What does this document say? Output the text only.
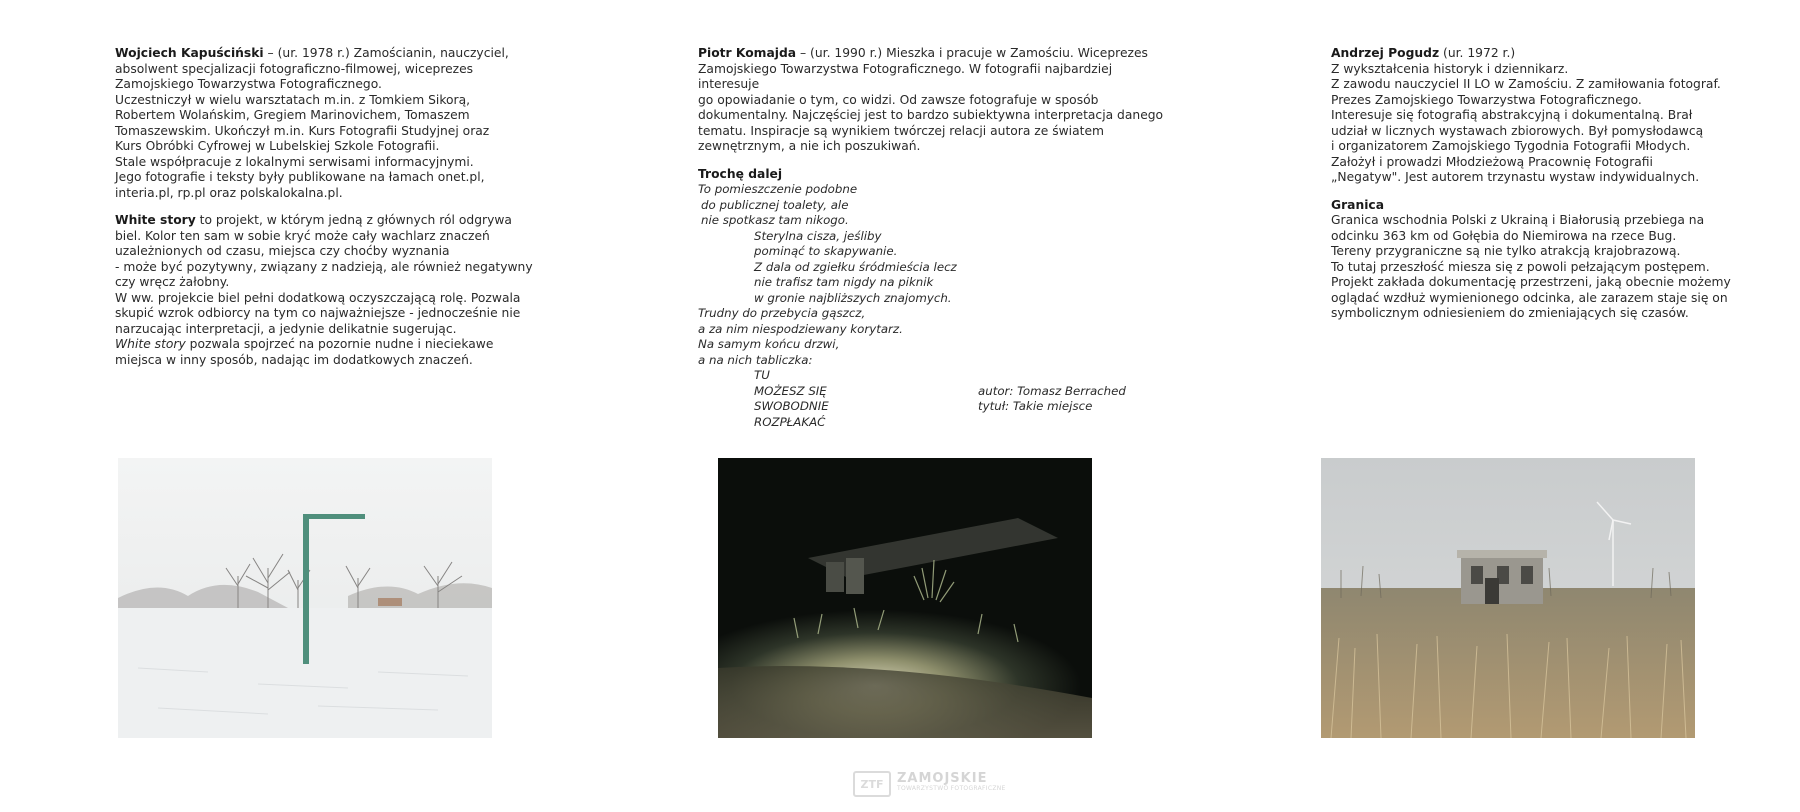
Wojciech Kapuściński – (ur. 1978 r.) Zamościanin, nauczyciel,

absolwent specjalizacji fotograficzno-filmowej, wiceprezes

Zamojskiego Towarzystwa Fotograficznego.

Uczestniczył w wielu warsztatach m.in. z Tomkiem Sikorą,

Robertem Wolańskim, Gregiem Marinovichem, Tomaszem

Tomaszewskim. Ukończył m.in. Kurs Fotografii Studyjnej oraz

Kurs Obróbki Cyfrowej w Lubelskiej Szkole Fotografii.

Stale współpracuje z lokalnymi serwisami informacyjnymi.

Jego fotografie i teksty były publikowane na łamach onet.pl,

interia.pl, rp.pl oraz polskalokalna.pl.

White story to projekt, w którym jedną z głównych ról odgrywa

biel. Kolor ten sam w sobie kryć może cały wachlarz znaczeń

uzależnionych od czasu, miejsca czy choćby wyznania

- może być pozytywny, związany z nadzieją, ale również negatywny

czy wręcz żałobny.

W ww. projekcie biel pełni dodatkową oczyszczającą rolę. Pozwala

skupić wzrok odbiorcy na tym co najważniejsze - jednocześnie nie

narzucając interpretacji, a jedynie delikatnie sugerując.

White story pozwala spojrzeć na pozornie nudne i nieciekawe

miejsca w inny sposób, nadając im dodatkowych znaczeń.

Piotr Komajda – (ur. 1990 r.) Mieszka i pracuje w Zamościu. Wiceprezes

Zamojskiego Towarzystwa Fotograficznego. W fotografii najbardziej interesuje

go opowiadanie o tym, co widzi. Od zawsze fotografuje w sposób

dokumentalny. Najczęściej jest to bardzo subiektywna interpretacja danego

tematu. Inspiracje są wynikiem twórczej relacji autora ze światem

zewnętrznym, a nie ich poszukiwań.

Trochę dalej

To pomieszczenie podobne
do publicznej toalety, ale
nie spotkasz tam nikogo.
Sterylna cisza, jeśliby
pominąć to skapywanie.
Z dala od zgiełku śródmieścia lecz
nie trafisz tam nigdy na piknik
w gronie najbliższych znajomych.
Trudny do przebycia gąszcz,
a za nim niespodziewany korytarz.
Na samym końcu drzwi,
a na nich tabliczka:
TU
MOŻESZ SIĘ	autor: Tomasz Berrached
SWOBODNIE	tytuł: Takie miejsce
ROZPŁAKAĆ

Andrzej Pogudz (ur. 1972 r.)

Z wykształcenia historyk i dziennikarz.

Z zawodu nauczyciel II LO w Zamościu. Z zamiłowania fotograf.

Prezes Zamojskiego Towarzystwa Fotograficznego.

Interesuje się fotografią abstrakcyjną i dokumentalną. Brał

udział w licznych wystawach zbiorowych. Był pomysłodawcą

i organizatorem Zamojskiego Tygodnia Fotografii Młodych.

Założył i prowadzi Młodzieżową Pracownię Fotografii

„Negatyw". Jest autorem trzynastu wystaw indywidualnych.

Granica

Granica wschodnia Polski z Ukrainą i Białorusią przebiega na

odcinku 363 km od Gołębia do Niemirowa na rzece Bug.

Tereny przygraniczne są nie tylko atrakcją krajobrazową.

To tutaj przeszłość miesza się z powoli pełzającym postępem.

Projekt zakłada dokumentację przestrzeni, jaką obecnie możemy

oglądać wzdłuż wymienionego odcinka, ale zarazem staje się on

symbolicznym odniesieniem do zmieniających się czasów.

ZTF	ZAMOJSKIE
TOWARZYSTWO FOTOGRAFICZNE
